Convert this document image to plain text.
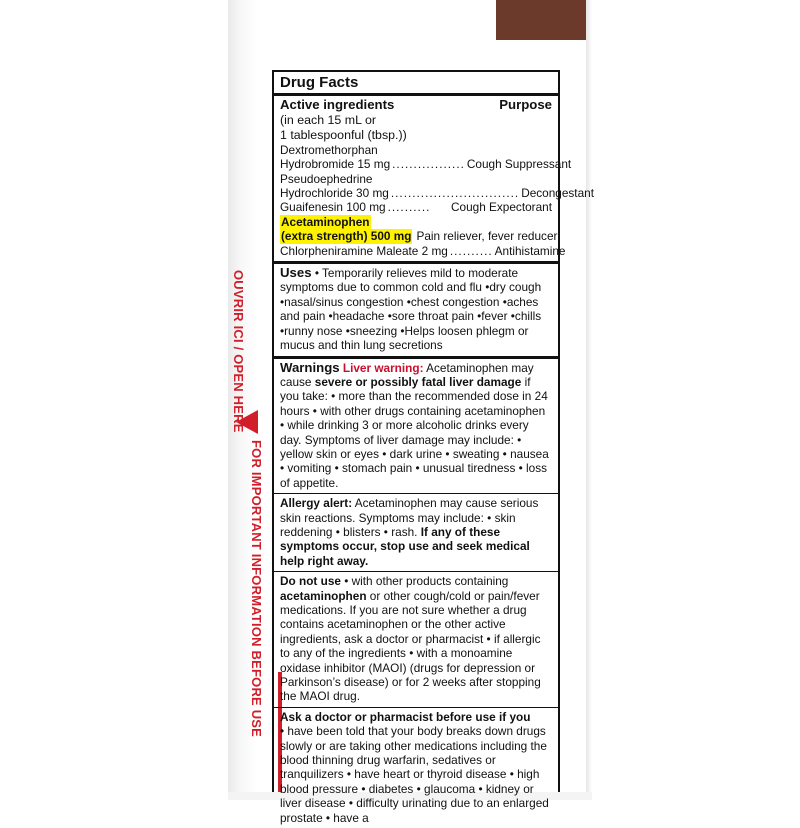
OUVRIR ICI / OPEN HERE
FOR IMPORTANT INFORMATION BEFORE USE
Drug Facts
Active ingredients	Purpose
(in each 15 mL or
1 tablespoonful (tbsp.))
Dextromethorphan
Hydrobromide 15 mg ................. Cough Suppressant
Pseudoephedrine
Hydrochloride 30 mg .............................. Decongestant
Guaifenesin 100 mg ..........	Cough Expectorant
Acetaminophen
(extra strength) 500 mg Pain reliever, fever reducer
Chlorpheniramine Maleate 2 mg .......... Antihistamine
Uses • Temporarily relieves mild to moderate symptoms due to common cold and flu •dry cough •nasal/sinus congestion •chest congestion •aches and pain •headache •sore throat pain •fever •chills •runny nose •sneezing •Helps loosen phlegm or mucus and thin lung secretions
Warnings Liver warning: Acetaminophen may cause severe or possibly fatal liver damage if you take: • more than the recommended dose in 24 hours • with other drugs containing acetaminophen • while drinking 3 or more alcoholic drinks every day. Symptoms of liver damage may include: • yellow skin or eyes • dark urine • sweating • nausea • vomiting • stomach pain • unusual tiredness • loss of appetite.
Allergy alert: Acetaminophen may cause serious skin reactions. Symptoms may include: • skin reddening • blisters • rash. If any of these symptoms occur, stop use and seek medical help right away.
Do not use • with other products containing acetaminophen or other cough/cold or pain/fever medications. If you are not sure whether a drug contains acetaminophen or the other active ingredients, ask a doctor or pharmacist • if allergic to any of the ingredients • with a monoamine oxidase inhibitor (MAOI) (drugs for depression or Parkinson’s disease) or for 2 weeks after stopping the MAOI drug.
Ask a doctor or pharmacist before use if you
• have been told that your body breaks down drugs slowly or are taking other medications including the blood thinning drug warfarin, sedatives or tranquilizers • have heart or thyroid disease • high blood pressure • diabetes • glaucoma • kidney or liver disease • difficulty urinating due to an enlarged prostate • have a
